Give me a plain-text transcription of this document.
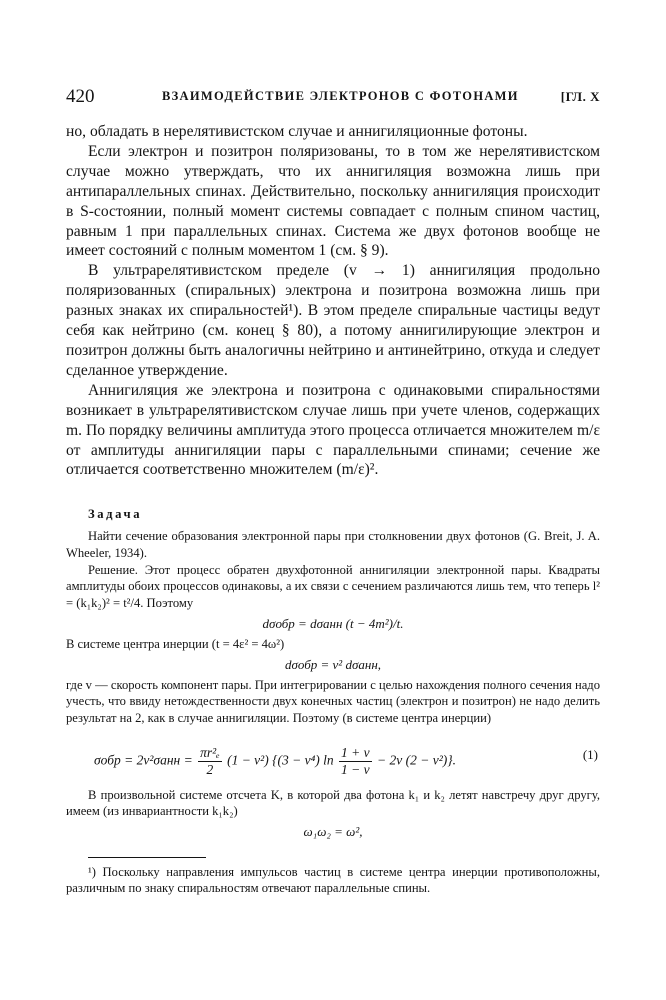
420	ВЗАИМОДЕЙСТВИЕ ЭЛЕКТРОНОВ С ФОТОНАМИ	[ГЛ. X

но, обладать в нерелятивистском случае и аннигиляционные фотоны.

Если электрон и позитрон поляризованы, то в том же нерелятивистском случае можно утверждать, что их аннигиляция возможна лишь при антипараллельных спинах. Действительно, поскольку аннигиляция происходит в S-состоянии, полный момент системы совпадает с полным спином частиц, равным 1 при параллельных спинах. Система же двух фотонов вообще не имеет состояний с полным моментом 1 (см. § 9).

В ультрарелятивистском пределе (v → 1) аннигиляция продольно поляризованных (спиральных) электрона и позитрона возможна лишь при разных знаках их спиральностей¹). В этом пределе спиральные частицы ведут себя как нейтрино (см. конец § 80), а потому аннигилирующие электрон и позитрон должны быть аналогичны нейтрино и антинейтрино, откуда и следует сделанное утверждение.

Аннигиляция же электрона и позитрона с одинаковыми спиральностями возникает в ультрарелятивистском случае лишь при учете членов, содержащих m. По порядку величины амплитуда этого процесса отличается множителем m/ε от амплитуды аннигиляции пары с параллельными спинами; сечение же отличается соответственно множителем (m/ε)².

Задача

Найти сечение образования электронной пары при столкновении двух фотонов (G. Breit, J. A. Wheeler, 1934).

Решение. Этот процесс обратен двухфотонной аннигиляции электронной пары. Квадраты амплитуды обоих процессов одинаковы, а их связи с сечением различаются лишь тем, что теперь l² = (k₁k₂)² = t²/4. Поэтому

dσобр = dσанн (t − 4m²)/t.

В системе центра инерции (t = 4ε² = 4ω²)

dσобр = v² dσанн,

где v — скорость компонент пары. При интегрировании с целью нахождения полного сечения надо учесть, что ввиду нетождественности двух конечных частиц (электрон и позитрон) не надо делить результат на 2, как в случае аннигиляции. Поэтому (в системе центра инерции)

$\sigma обр = 2v^2\sigma анн = \frac{\text{πr²ₑ}}{2} (1 - v^2) \{(3 - v^4)$ $\ln \frac{1 + v}{1 - v} - 2v$ (2 − v²)}.	(1)

В произвольной системе отсчета K, в которой два фотона k₁ и k₂ летят навстречу друг другу, имеем (из инвариантности k₁k₂)

ω₁ω₂ = ω²,

¹) Поскольку направления импульсов частиц в системе центра инерции противоположны, различным по знаку спиральностям отвечают параллельные спины.
